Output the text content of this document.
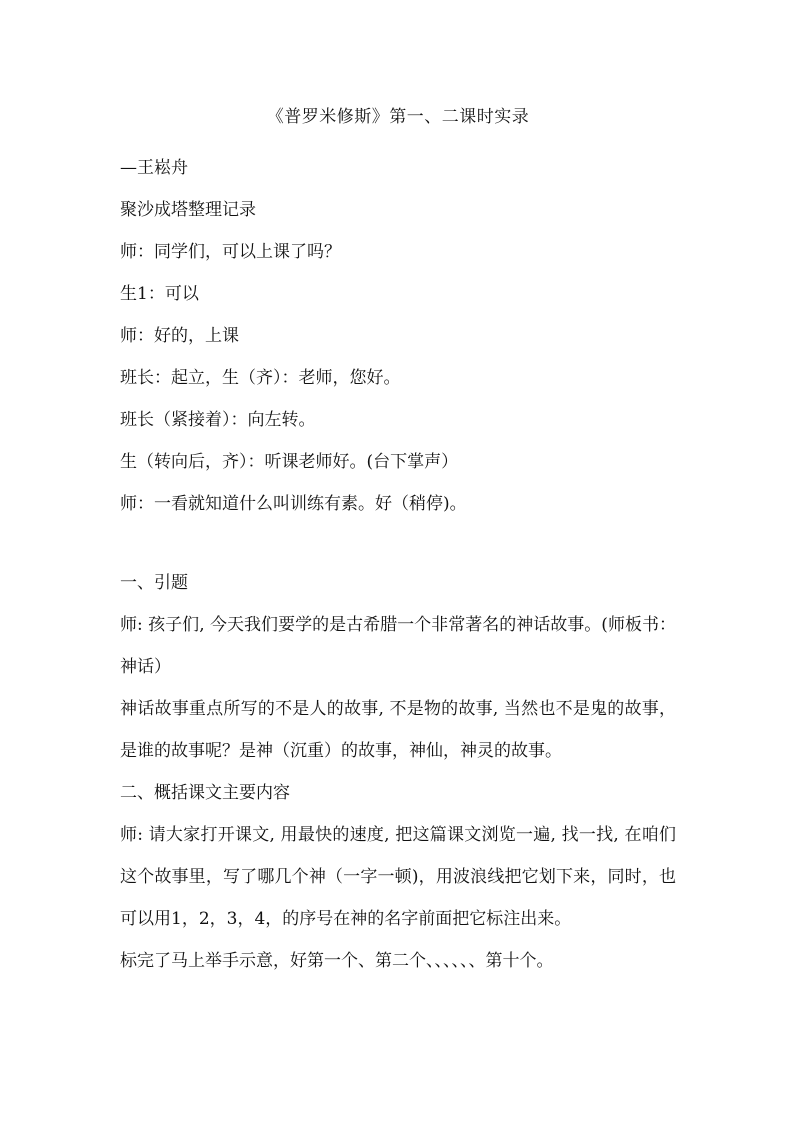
《普罗米修斯》第一、二课时实录

—王崧舟

聚沙成塔整理记录

师：同学们，可以上课了吗？

生1：可以

师：好的，上课

班长：起立，生（齐）：老师，您好。

班长（紧接着）：向左转。

生（转向后，齐）：听课老师好。(台下掌声）

师：一看就知道什么叫训练有素。好（稍停)。

一、引题

师: 孩子们, 今天我们要学的是古希腊一个非常著名的神话故事。(师板书：神话）

神话故事重点所写的不是人的故事, 不是物的故事, 当然也不是鬼的故事，是谁的故事呢？是神（沉重）的故事，神仙，神灵的故事。

二、概括课文主要内容

师: 请大家打开课文, 用最快的速度, 把这篇课文浏览一遍, 找一找, 在咱们这个故事里，写了哪几个神（一字一顿)，用波浪线把它划下来，同时，也可以用1，2，3，4，的序号在神的名字前面把它标注出来。

标完了马上举手示意，好第一个、第二个、、、、、、第十个。
